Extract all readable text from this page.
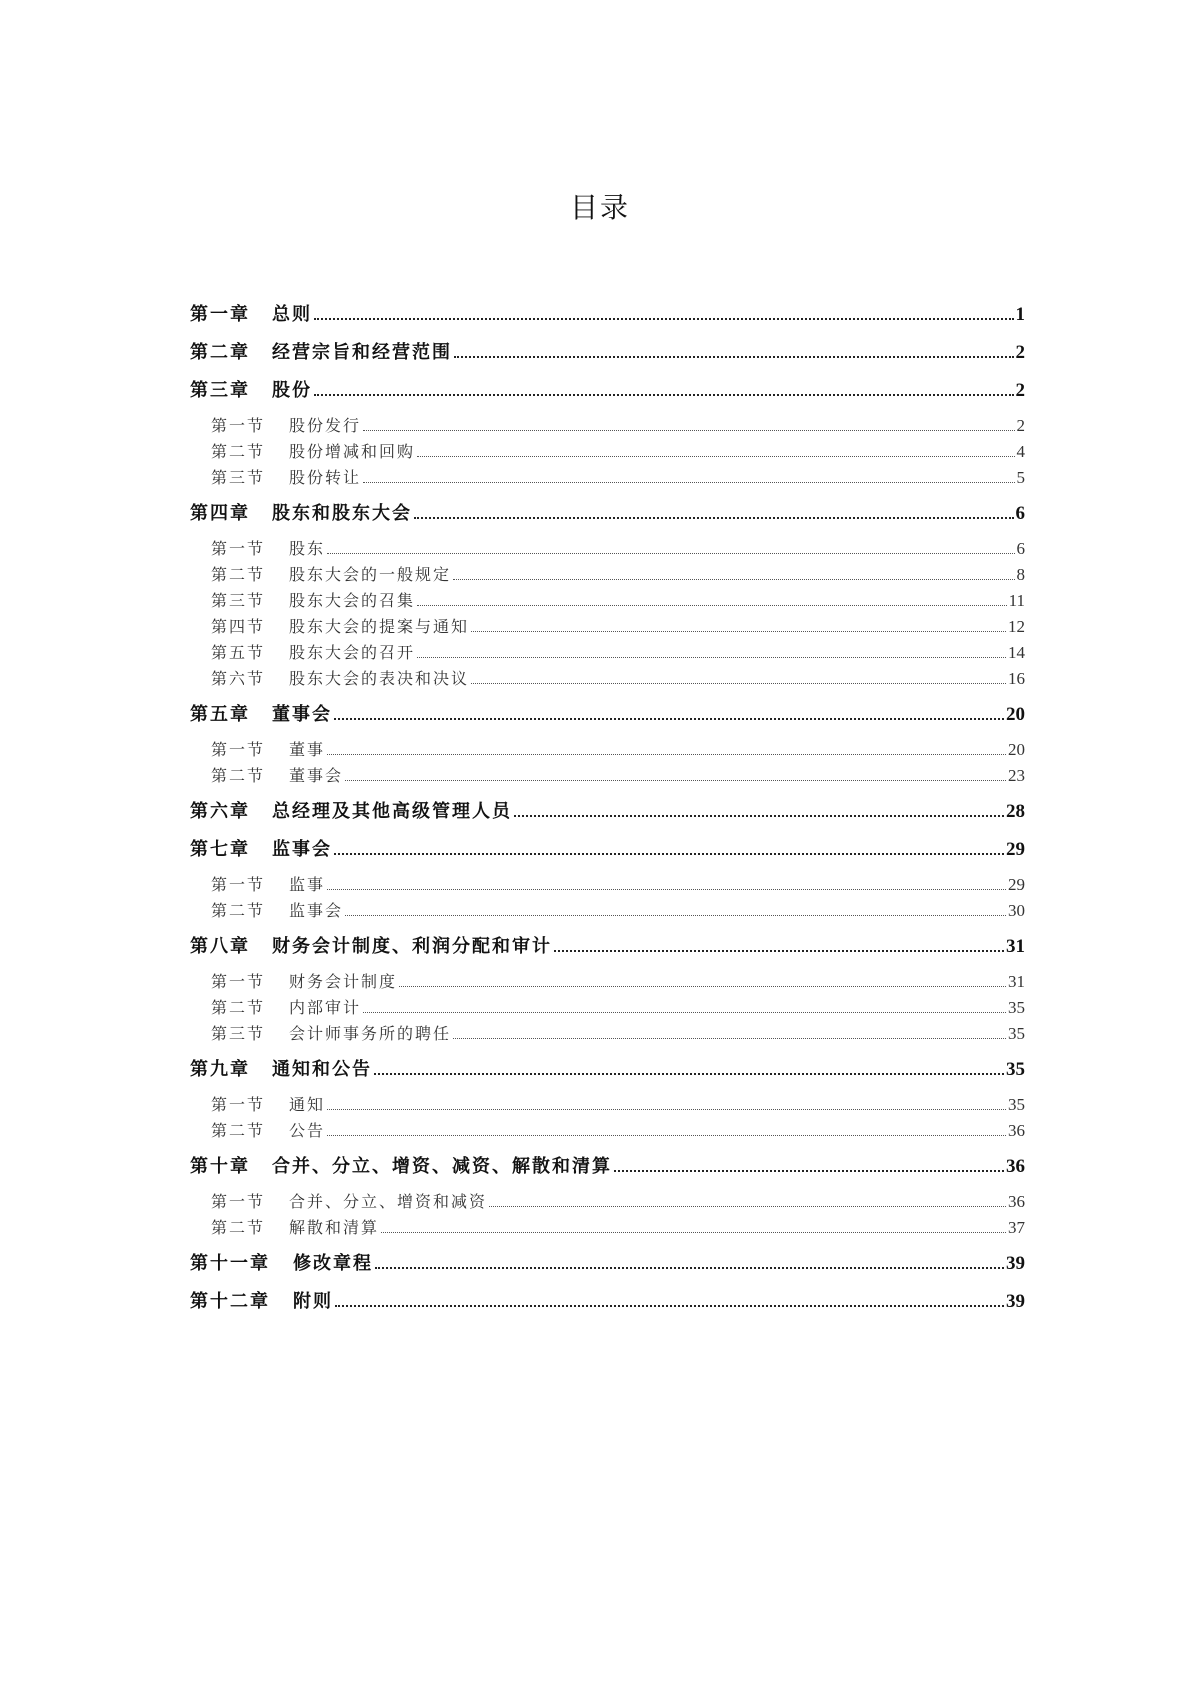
目录
第一章	总则	1
第二章	经营宗旨和经营范围	2
第三章	股份	2
第一节	股份发行	2
第二节	股份增减和回购	4
第三节	股份转让	5
第四章	股东和股东大会	6
第一节	股东	6
第二节	股东大会的一般规定	8
第三节	股东大会的召集	11
第四节	股东大会的提案与通知	12
第五节	股东大会的召开	14
第六节	股东大会的表决和决议	16
第五章	董事会	20
第一节	董事	20
第二节	董事会	23
第六章	总经理及其他高级管理人员	28
第七章	监事会	29
第一节	监事	29
第二节	监事会	30
第八章	财务会计制度、利润分配和审计	31
第一节	财务会计制度	31
第二节	内部审计	35
第三节	会计师事务所的聘任	35
第九章	通知和公告	35
第一节	通知	35
第二节	公告	36
第十章	合并、分立、增资、减资、解散和清算	36
第一节	合并、分立、增资和减资	36
第二节	解散和清算	37
第十一章	修改章程	39
第十二章	附则	39
